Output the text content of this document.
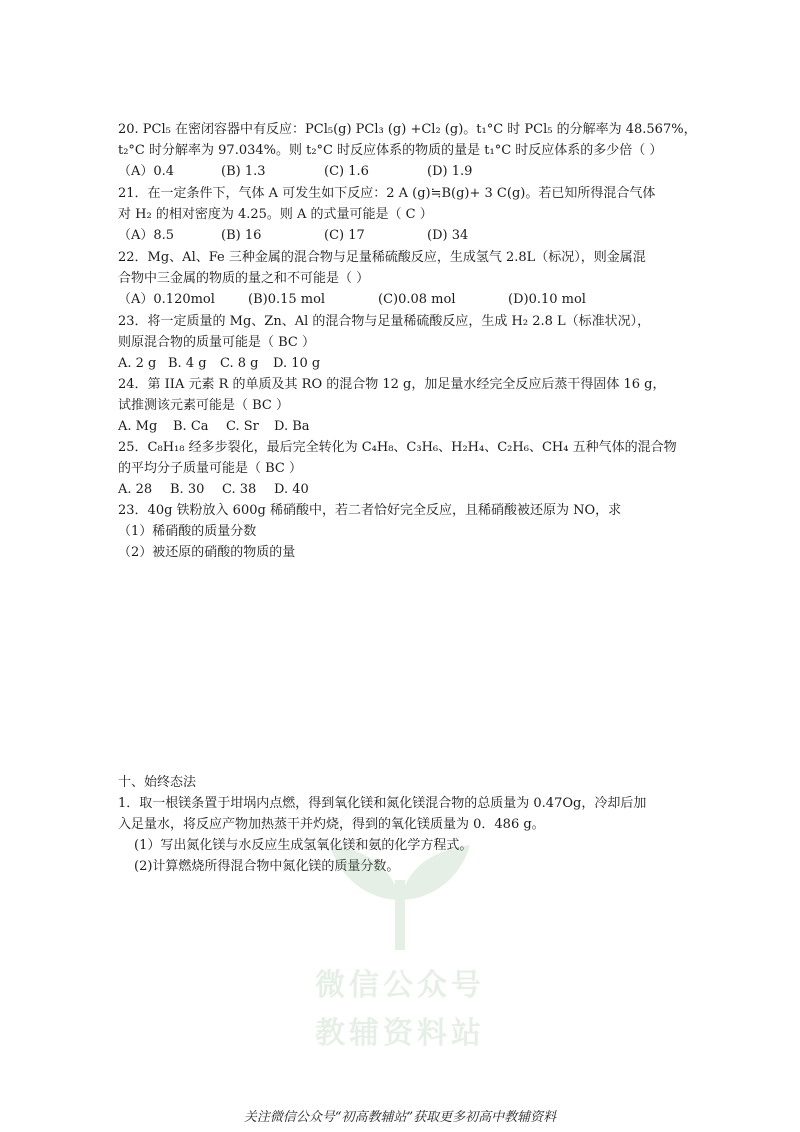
20. PCl₅ 在密闭容器中有反应：PCl₅(g) PCl₃ (g) +Cl₂ (g)。t₁°C 时 PCl₅ 的分解率为 48.567%，

t₂°C 时分解率为 97.034%。则 t₂°C 时反应体系的物质的量是 t₁°C 时反应体系的多少倍（ ）

（A）0.4	(B) 1.3	(C) 1.6	(D) 1.9

21．在一定条件下，气体 A 可发生如下反应：2 A (g)≒B(g)+ 3 C(g)。若已知所得混合气体

对 H₂ 的相对密度为 4.25。则 A 的式量可能是（ C ）

（A）8.5	(B) 16	(C) 17	(D) 34

22．Mg、Al、Fe 三种金属的混合物与足量稀硫酸反应，生成氢气 2.8L（标况），则金属混

合物中三金属的物质的量之和不可能是（ ）

（A）0.120mol	(B)0.15 mol	(C)0.08 mol	(D)0.10 mol

23．将一定质量的 Mg、Zn、Al 的混合物与足量稀硫酸反应，生成 H₂ 2.8 L（标准状况），

则原混合物的质量可能是（ BC ）

A. 2 g B. 4 g	C. 8 g	D. 10 g

24．第 IIA 元素 R 的单质及其 RO 的混合物 12 g，加足量水经完全反应后蒸干得固体 16 g，

试推测该元素可能是（ BC ）

A. Mg	B. Ca	C. Sr	D. Ba

25．C₈H₁₈ 经多步裂化，最后完全转化为 C₄H₈、C₃H₆、H₂H₄、C₂H₆、CH₄ 五种气体的混合物

的平均分子质量可能是（ BC ）

A. 28	B. 30	C. 38	D. 40

23．40g 铁粉放入 600g 稀硝酸中，若二者恰好完全反应，且稀硝酸被还原为 NO，求

（1）稀硝酸的质量分数

（2）被还原的硝酸的物质的量

十、始终态法

1．取一根镁条置于坩埚内点燃，得到氧化镁和氮化镁混合物的总质量为 0.47Og，冷却后加

入足量水，将反应产物加热蒸干并灼烧，得到的氧化镁质量为 0．486 g。

(1）写出氮化镁与水反应生成氢氧化镁和氨的化学方程式。

(2)计算燃烧所得混合物中氮化镁的质量分数。

微信公众号
教辅资料站
关注微信公众号“初高教辅站”获取更多初高中教辅资料
